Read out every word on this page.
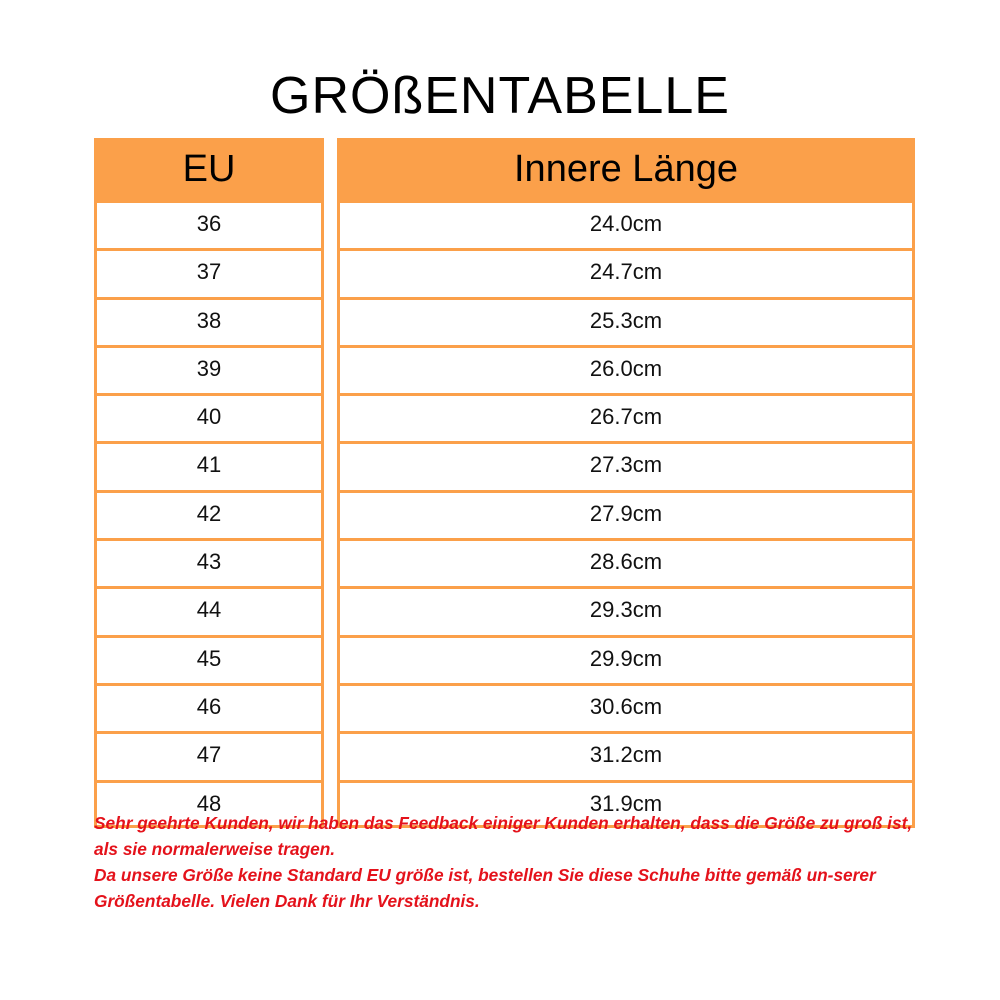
GRÖßENTABELLE
EU
36
37
38
39
40
41
42
43
44
45
46
47
48
Innere Länge
24.0cm
24.7cm
25.3cm
26.0cm
26.7cm
27.3cm
27.9cm
28.6cm
29.3cm
29.9cm
30.6cm
31.2cm
31.9cm

Sehr geehrte Kunden, wir haben das Feedback einiger Kunden erhalten, dass die Größe zu groß ist, als sie normalerweise tragen.

Da unsere Größe keine Standard EU größe ist, bestellen Sie diese Schuhe bitte gemäß un-serer Größentabelle. Vielen Dank für Ihr Verständnis.
